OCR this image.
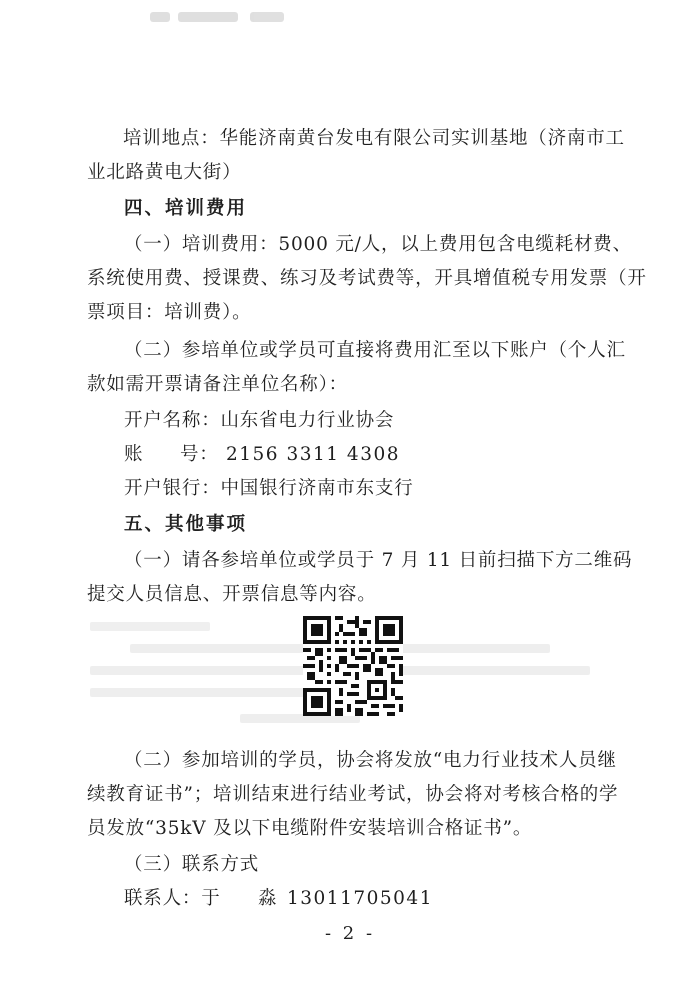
培训地点：华能济南黄台发电有限公司实训基地（济南市工
业北路黄电大街）
四、培训费用
（一）培训费用：5000 元/人，以上费用包含电缆耗材费、
系统使用费、授课费、练习及考试费等，开具增值税专用发票（开
票项目：培训费）。
（二）参培单位或学员可直接将费用汇至以下账户（个人汇
款如需开票请备注单位名称）：
开户名称：山东省电力行业协会
账 号： 2156 3311 4308
开户银行：中国银行济南市东支行
五、其他事项
（一）请各参培单位或学员于 7 月 11 日前扫描下方二维码
提交人员信息、开票信息等内容。
（二）参加培训的学员，协会将发放“电力行业技术人员继
续教育证书”；培训结束进行结业考试，协会将对考核合格的学
员发放“35kV 及以下电缆附件安装培训合格证书”。
（三）联系方式
联系人：于 淼 13011705041
- 2 -
